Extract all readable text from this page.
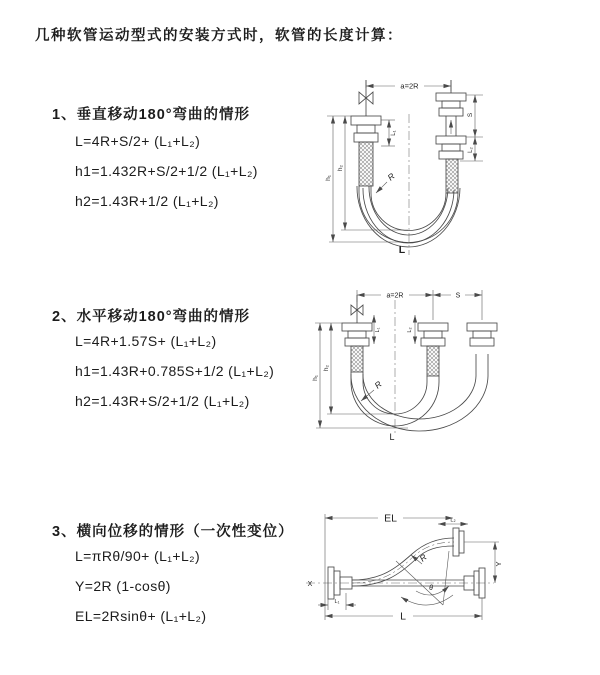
几种软管运动型式的安装方式时，软管的长度计算：
1、垂直移动180°弯曲的情形
L=4R+S/2+ (L₁+L₂)
h1=1.432R+S/2+1/2 (L₁+L₂)
h2=1.43R+1/2 (L₁+L₂)
2、水平移动180°弯曲的情形
L=4R+1.57S+ (L₁+L₂)
h1=1.43R+0.785S+1/2 (L₁+L₂)
h2=1.43R+S/2+1/2 (L₁+L₂)
3、横向位移的情形（一次性变位）
L=πRθ/90+ (L₁+L₂)
Y=2R (1-cosθ)
EL=2Rsinθ+ (L₁+L₂)
a=2R
L₁
S
L₂
h₂
h₁	R
L
a=2R	S
L₁	L₂
h₂
h₁
R
L
X
EL	L₂
Y
θ
R
L₁
L
